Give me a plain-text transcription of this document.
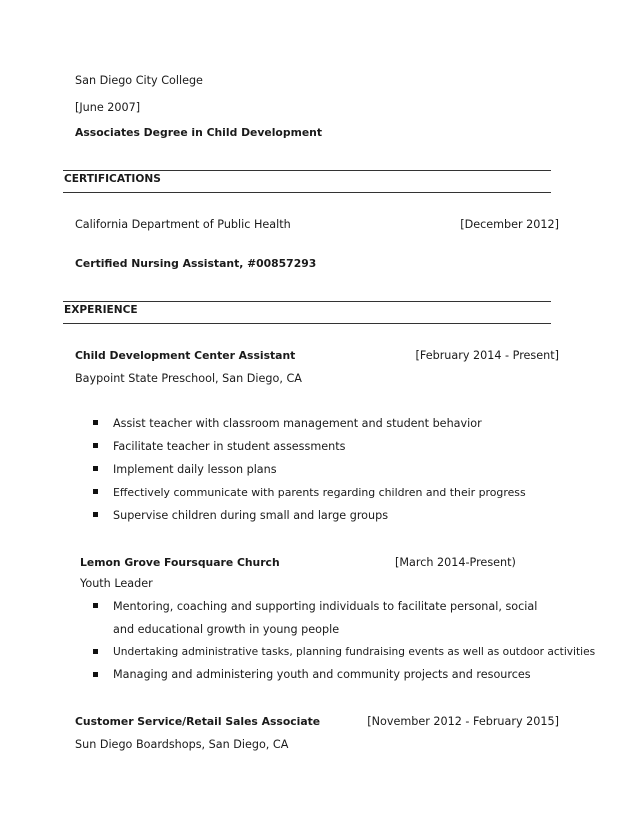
San Diego City College
[June 2007]
Associates Degree in Child Development
CERTIFICATIONS
California Department of Public Health	[December 2012]
Certified Nursing Assistant, #00857293
EXPERIENCE
Child Development Center Assistant	[February 2014 - Present]
Baypoint State Preschool, San Diego, CA
Assist teacher with classroom management and student behavior
Facilitate teacher in student assessments
Implement daily lesson plans
Effectively communicate with parents regarding children and their progress
Supervise children during small and large groups
Lemon Grove Foursquare Church	[March 2014-Present)
Youth Leader
Mentoring, coaching and supporting individuals to facilitate personal, social
and educational growth in young people
Undertaking administrative tasks, planning fundraising events as well as outdoor activities
Managing and administering youth and community projects and resources
Customer Service/Retail Sales Associate	[November 2012 - February 2015]
Sun Diego Boardshops, San Diego, CA
